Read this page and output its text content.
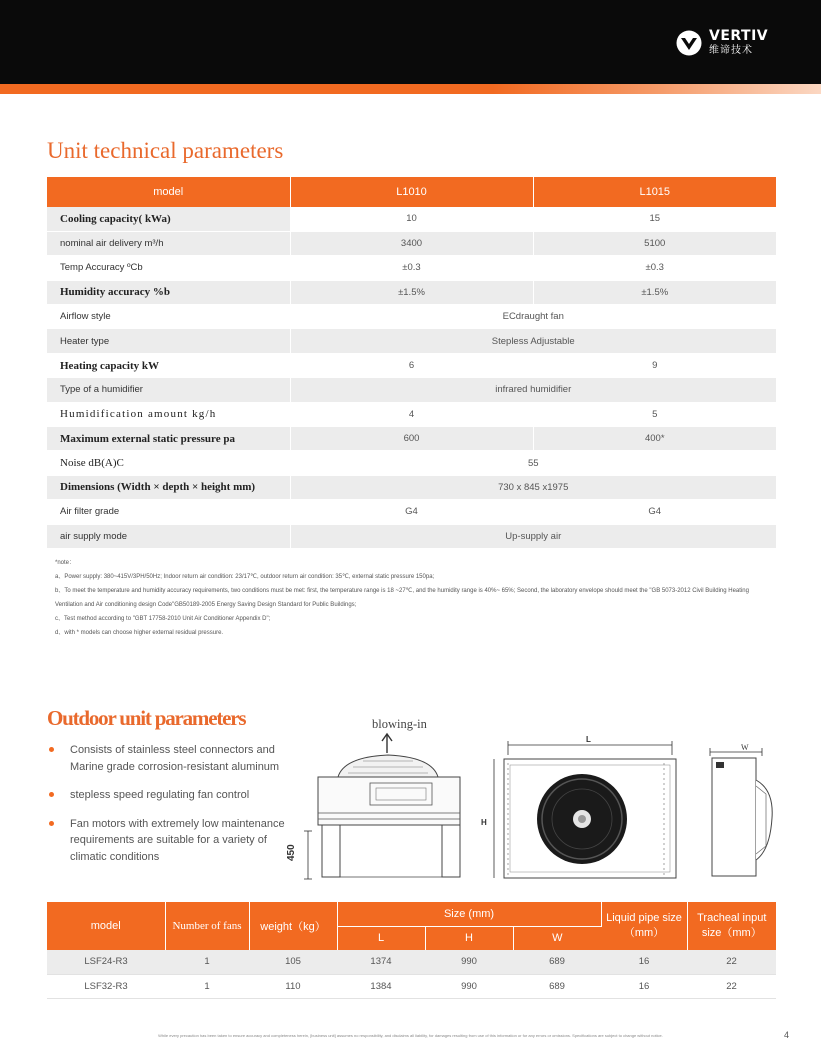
VERTIV
维谛技术
Unit technical parameters
model	L1010	L1015
Cooling capacity( kWa)	10	15
nominal air delivery m³/h	3400	5100
Temp Accuracy ºCb	±0.3	±0.3
Humidity accuracy %b	±1.5%	±1.5%
Airflow style	ECdraught fan	
Heater type	Stepless Adjustable	
Heating capacity kW	6	9
Type of a humidifier	infrared humidifier	
Humidification amount kg/h	4	5
Maximum external static pressure pa	600	400*
Noise dB(A)C	55	
Dimensions (Width × depth × height mm)	730 x 845 x1975	
Air filter grade	G4	G4
air supply mode	Up-supply air	
*note：
a、Power supply: 380~415V/3PH/50Hz; Indoor return air condition: 23/17℃, outdoor return air condition: 35℃, external static pressure 150pa;
b、To meet the temperature and humidity accuracy requirements, two conditions must be met: first, the temperature range is 18 ~27℃, and the humidity range is 40%~ 65%; Second, the laboratory envelope should meet the "GB 5073-2012 Civil Building Heating Ventilation and Air conditioning design Code"GB50189-2005 Energy Saving Design Standard for Public Buildings;
c、Test method according to "GBT 17758-2010 Unit Air Conditioner Appendix D";
d、with * models can choose higher external residual pressure.
Outdoor unit parameters
Consists of stainless steel connectors and Marine grade corrosion-resistant aluminum
stepless speed regulating fan control
Fan motors with extremely low maintenance requirements are suitable for a variety of climatic conditions
blowing-in
450
L
H
W
model	Number of fans	weight（kg）	Size (mm)			Liquid pipe size（mm）	Tracheal input size（mm）
			L	H	W		
LSF24-R3	1	105	1374	990	689	16	22
LSF32-R3	1	110	1384	990	689	16	22
While every precaution has been taken to ensure accuracy and completeness herein, [business unit] assumes no responsibility, and disclaims all liability, for damages resulting from use of this information or for any errors or omissions. Specifications are subject to change without notice.	4
